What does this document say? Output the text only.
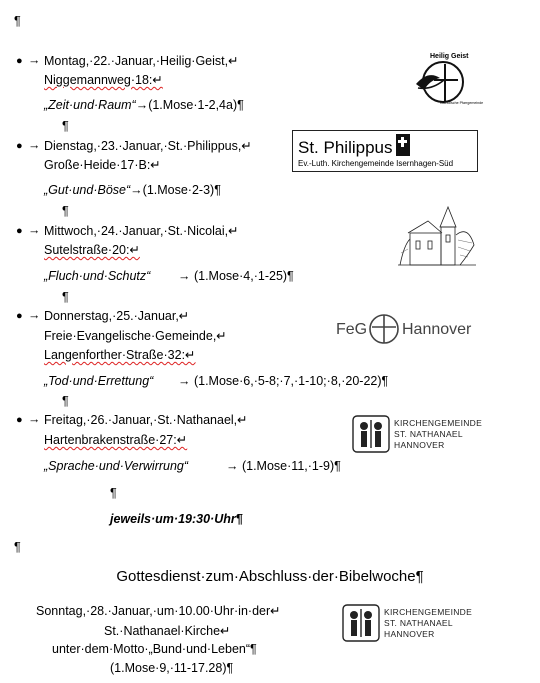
¶
● → Montag,·22.·Januar,·Heilig·Geist,↵
Niggemannweg·18:↵
„Zeit·und·Raum“→(1.Mose·1-2,4a)¶
¶
Heilig Geist
Katholische Pfarrgemeinde
● → Dienstag,·23.·Januar,·St.·Philippus,↵
Große·Heide·17·B:↵
„Gut·und·Böse“→(1.Mose·2-3)¶
¶
St. Philippus
Ev.-Luth. Kirchengemeinde Isernhagen-Süd
● → Mittwoch,·24.·Januar,·St.·Nicolai,↵
Sutelstraße·20:↵
„Fluch·und·Schutz“ → (1.Mose·4,·1-25)¶
¶
● → Donnerstag,·25.·Januar,↵
Freie·Evangelische·Gemeinde,↵
Langenforther·Straße·32:↵
„Tod·und·Errettung“ → (1.Mose·6,·5-8;·7,·1-10;·8,·20-22)¶
¶
FeG Hannover
● → Freitag,·26.·Januar,·St.·Nathanael,↵
Hartenbrakenstraße·27:↵
„Sprache·und·Verwirrung“	→ (1.Mose·11,·1-9)¶
KIRCHENGEMEINDE
ST. NATHANAEL
HANNOVER
¶
jeweils·um·19:30·Uhr¶
¶
Gottesdienst·zum·Abschluss·der·Bibelwoche¶
Sonntag,·28.·Januar,·um·10.00·Uhr·in·der↵
St.·Nathanael·Kirche↵
unter·dem·Motto·„Bund·und·Leben“¶
(1.Mose·9,·11-17.28)¶
KIRCHENGEMEINDE
ST. NATHANAEL
HANNOVER
